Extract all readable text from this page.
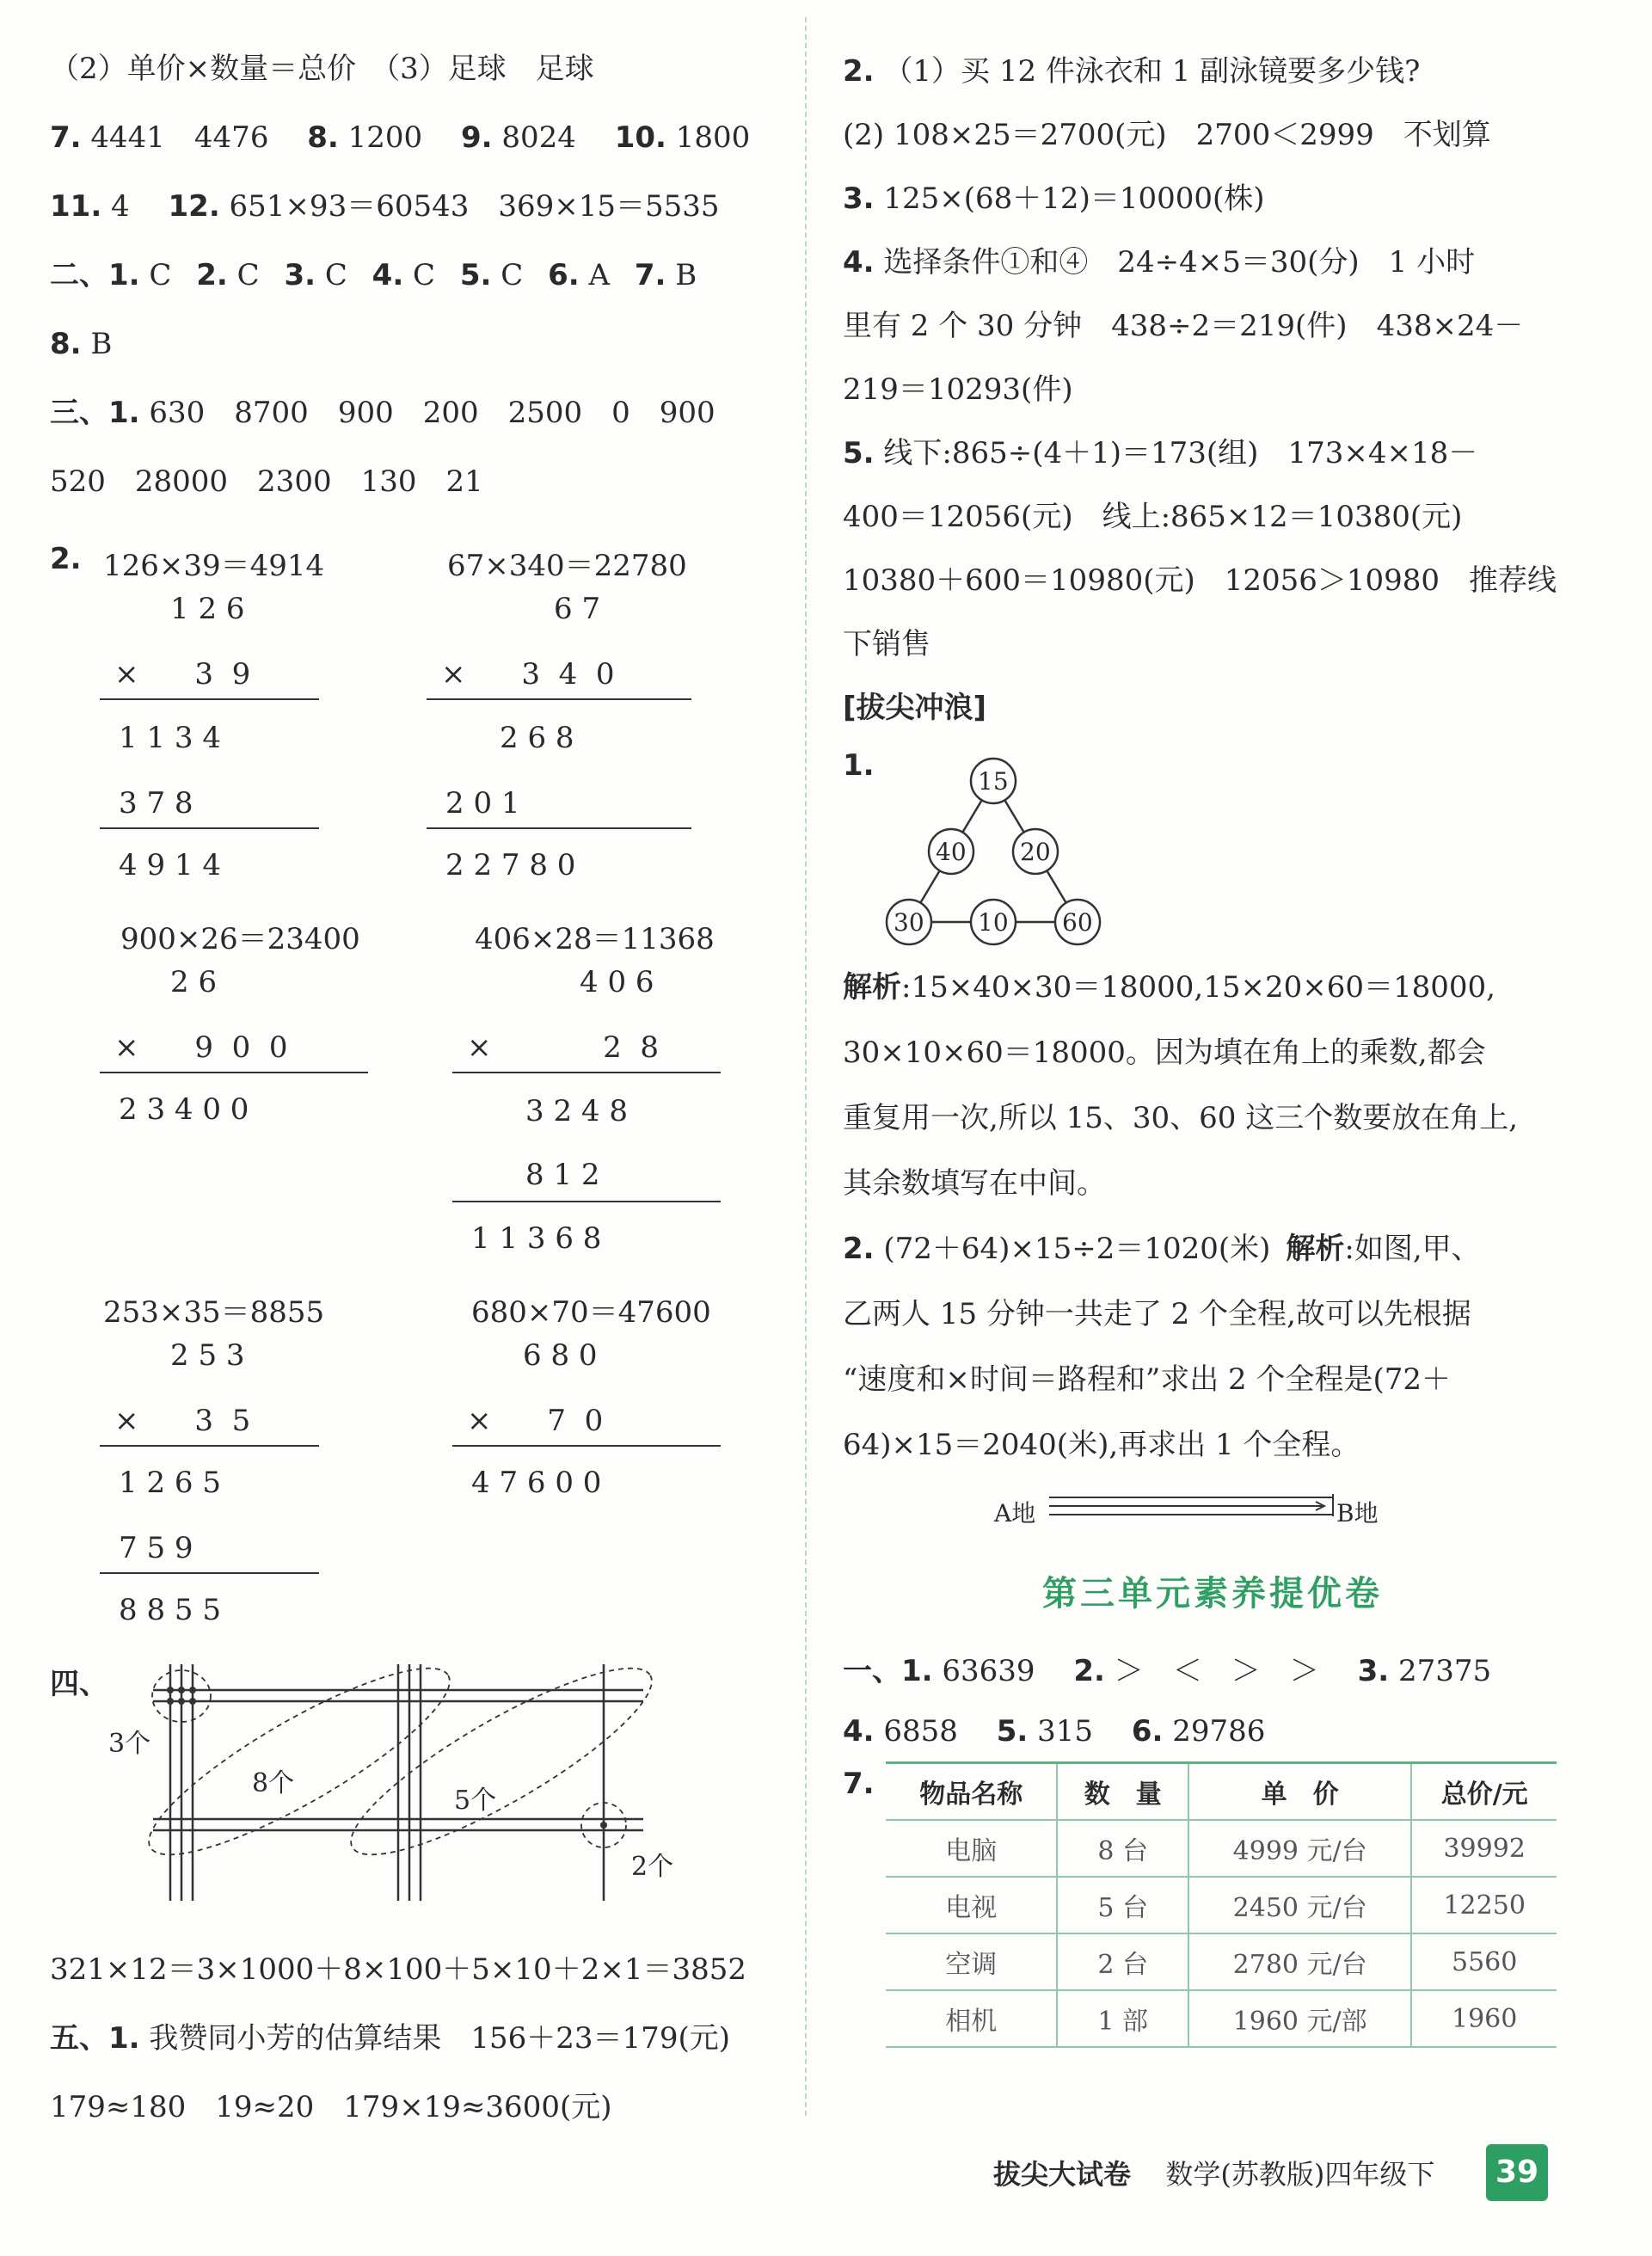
（2）单价×数量＝总价　（3）足球　足球
7. 4441　4476 8. 1200 9. 8024 10. 1800
11. 4 12. 651×93＝60543　369×15＝5535
二、1. C 2. C 3. C 4. C 5. C 6. A 7. B
8. B
三、1. 630　8700　900　200　2500　0　900
520　28000　2300　130　21
2. 126×39＝4914
1 2 6
×      3  9
1 1 3 4
3 7 8
4 9 1 4
67×340＝22780
6 7
×      3  4  0
2 6 8
2 0 1
2 2 7 8 0
900×26＝23400
2 6
×      9  0  0
2 3 4 0 0
406×28＝11368
4 0 6
×            2  8
3 2 4 8
8 1 2
1 1 3 6 8
253×35＝8855
2 5 3
×      3  5
1 2 6 5
7 5 9
8 8 5 5
680×70＝47600
6 8 0
×      7  0
4 7 6 0 0
四、
3个
8个
5个
2个
321×12＝3×1000＋8×100＋5×10＋2×1＝3852
五、1. 我赞同小芳的估算结果　156＋23＝179(元)
179≈180　19≈20　179×19≈3600(元)
2. （1）买 12 件泳衣和 1 副泳镜要多少钱?
(2) 108×25＝2700(元)　2700＜2999　不划算
3. 125×(68＋12)＝10000(株)
4. 选择条件①和④　24÷4×5＝30(分)　1 小时
里有 2 个 30 分钟　438÷2＝219(件)　438×24－
219＝10293(件)
5. 线下:865÷(4＋1)＝173(组)　173×4×18－
400＝12056(元)　线上:865×12＝10380(元)
10380＋600＝10980(元)　12056＞10980　推荐线
下销售
[拔尖冲浪]
1.	15
40 20
30 10 60
解析:15×40×30＝18000,15×20×60＝18000,
30×10×60＝18000。因为填在角上的乘数,都会
重复用一次,所以 15、30、60 这三个数要放在角上,
其余数填写在中间。
2. (72＋64)×15÷2＝1020(米) 解析:如图,甲、
乙两人 15 分钟一共走了 2 个全程,故可以先根据
“速度和×时间＝路程和”求出 2 个全程是(72＋
64)×15＝2040(米),再求出 1 个全程。
A地	B地
第三单元素养提优卷
一、1. 63639 2. ＞　＜　＞　＞ 3. 27375
4. 6858 5. 315 6. 29786
7. 物品名称	数　量	单　价	总价/元
电脑	8 台	4999 元/台	39992
电视	5 台	2450 元/台	12250
空调	2 台	2780 元/台	5560
相机	1 部	1960 元/部	1960
拔尖大试卷 数学(苏教版)四年级下	39
